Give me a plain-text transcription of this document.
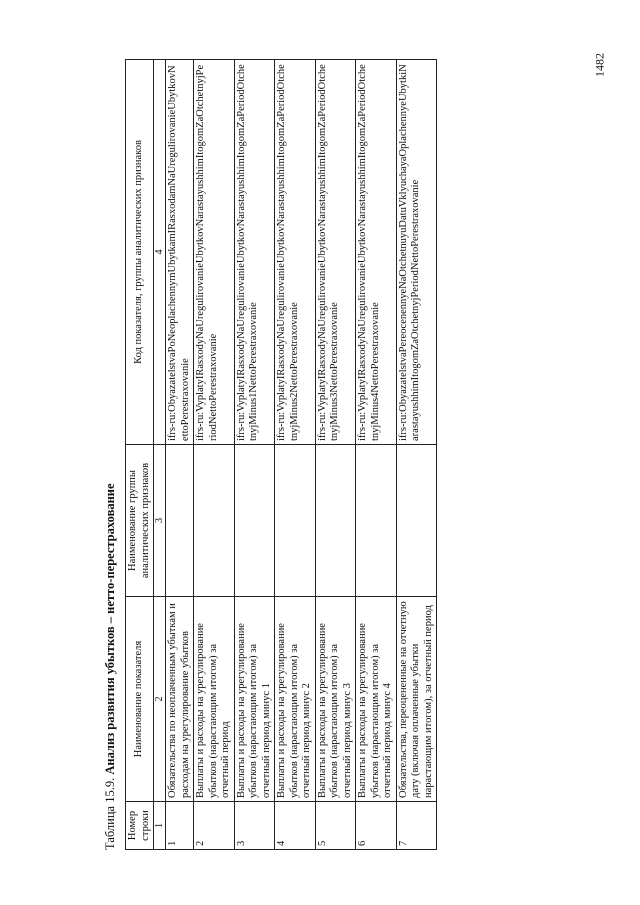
1482
Таблица 15.9. Анализ развития убытков – нетто-перестрахование
Номер строки	Наименование показателя	Наименование группы аналитических признаков	Код показателя, группы аналитических признаков
1	2	3	4
1	Обязательства по неоплаченным убыткам и расходам на урегулирование убытков		ifrs-ru:ObyazatelstvaPoNeoplachennymUbytkamIRasxodamNaUregulirovanieUbytkovNettoPerestraxovanie
2	Выплаты и расходы на урегулирование убытков (нарастающим итогом) за отчетный период		ifrs-ru:VyplatyIRasxodyNaUregulirovanieUbytkovNarastayushhimItogomZaOtchetnyjPeriodNettoPerestraxovanie
3	Выплаты и расходы на урегулирование убытков (нарастающим итогом) за отчетный период минус 1		ifrs-ru:VyplatyIRasxodyNaUregulirovanieUbytkovNarastayushhimItogomZaPeriodOtchetnyjMinus1NettoPerestraxovanie
4	Выплаты и расходы на урегулирование убытков (нарастающим итогом) за отчетный период минус 2		ifrs-ru:VyplatyIRasxodyNaUregulirovanieUbytkovNarastayushhimItogomZaPeriodOtchetnyjMinus2NettoPerestraxovanie
5	Выплаты и расходы на урегулирование убытков (нарастающим итогом) за отчетный период минус 3		ifrs-ru:VyplatyIRasxodyNaUregulirovanieUbytkovNarastayushhimItogomZaPeriodOtchetnyjMinus3NettoPerestraxovanie
6	Выплаты и расходы на урегулирование убытков (нарастающим итогом) за отчетный период минус 4		ifrs-ru:VyplatyIRasxodyNaUregulirovanieUbytkovNarastayushhimItogomZaPeriodOtchetnyjMinus4NettoPerestraxovanie
7	Обязательства, переоцененные на отчетную дату (включая оплаченные убытки нарастающим итогом), за отчетный период		ifrs-ru:ObyazatelstvaPereocenennyeNaOtchetnuyuDatuVklyuchayaOplachennyeUbytkiNarastayushhimItogomZaOtchetnyjPeriodNettoPerestraxovanie
